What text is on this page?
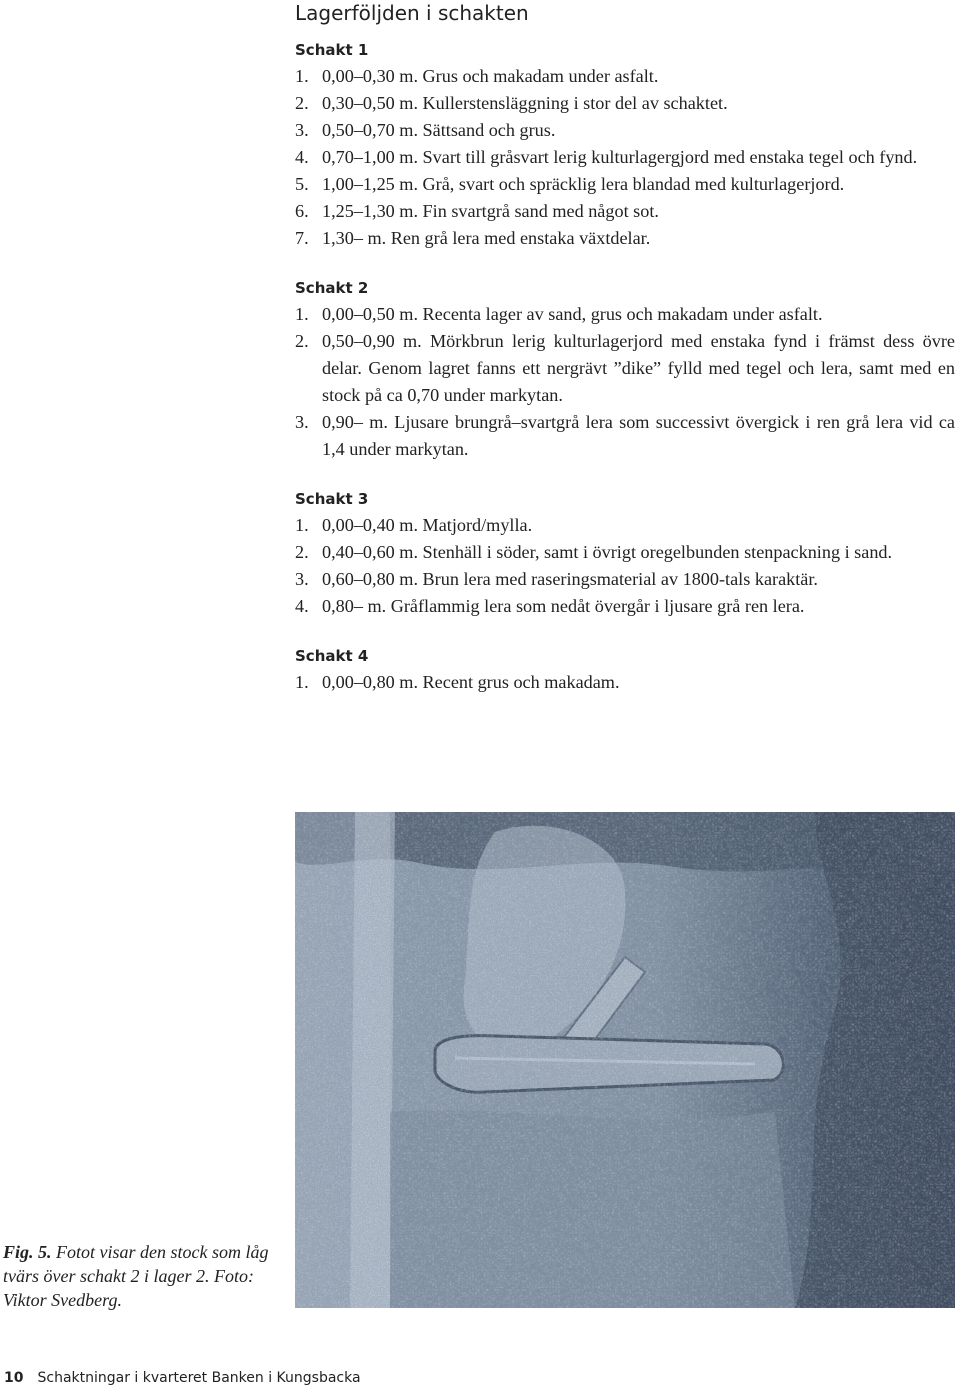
Lagerföljden i schakten
Schakt 1
1. 0,00–0,30 m. Grus och makadam under asfalt.
2. 0,30–0,50 m. Kullerstensläggning i stor del av schaktet.
3. 0,50–0,70 m. Sättsand och grus.
4. 0,70–1,00 m. Svart till gråsvart lerig kulturlagergjord med enstaka tegel och fynd.
5. 1,00–1,25 m. Grå, svart och spräcklig lera blandad med kulturlagerjord.
6. 1,25–1,30 m. Fin svartgrå sand med något sot.
7. 1,30– m. Ren grå lera med enstaka växtdelar.
Schakt 2
1. 0,00–0,50 m. Recenta lager av sand, grus och makadam under asfalt.
2. 0,50–0,90 m. Mörkbrun lerig kulturlagerjord med enstaka fynd i främst dess övre delar. Genom lagret fanns ett nergrävt ”dike” fylld med tegel och lera, samt med en stock på ca 0,70 under markytan.
3. 0,90– m. Ljusare brungrå–svartgrå lera som successivt övergick i ren grå lera vid ca 1,4 under markytan.
Schakt 3
1. 0,00–0,40 m. Matjord/mylla.
2. 0,40–0,60 m. Stenhäll i söder, samt i övrigt oregelbunden stenpackning i sand.
3. 0,60–0,80 m. Brun lera med raseringsmaterial av 1800-tals karaktär.
4. 0,80– m. Gråflammig lera som nedåt övergår i ljusare grå ren lera.
Schakt 4
1. 0,00–0,80 m. Recent grus och makadam.
Fig. 5. Fotot visar den stock som låg tvärs över schakt 2 i lager 2. Foto: Viktor Svedberg.
10 Schaktningar i kvarteret Banken i Kungsbacka
